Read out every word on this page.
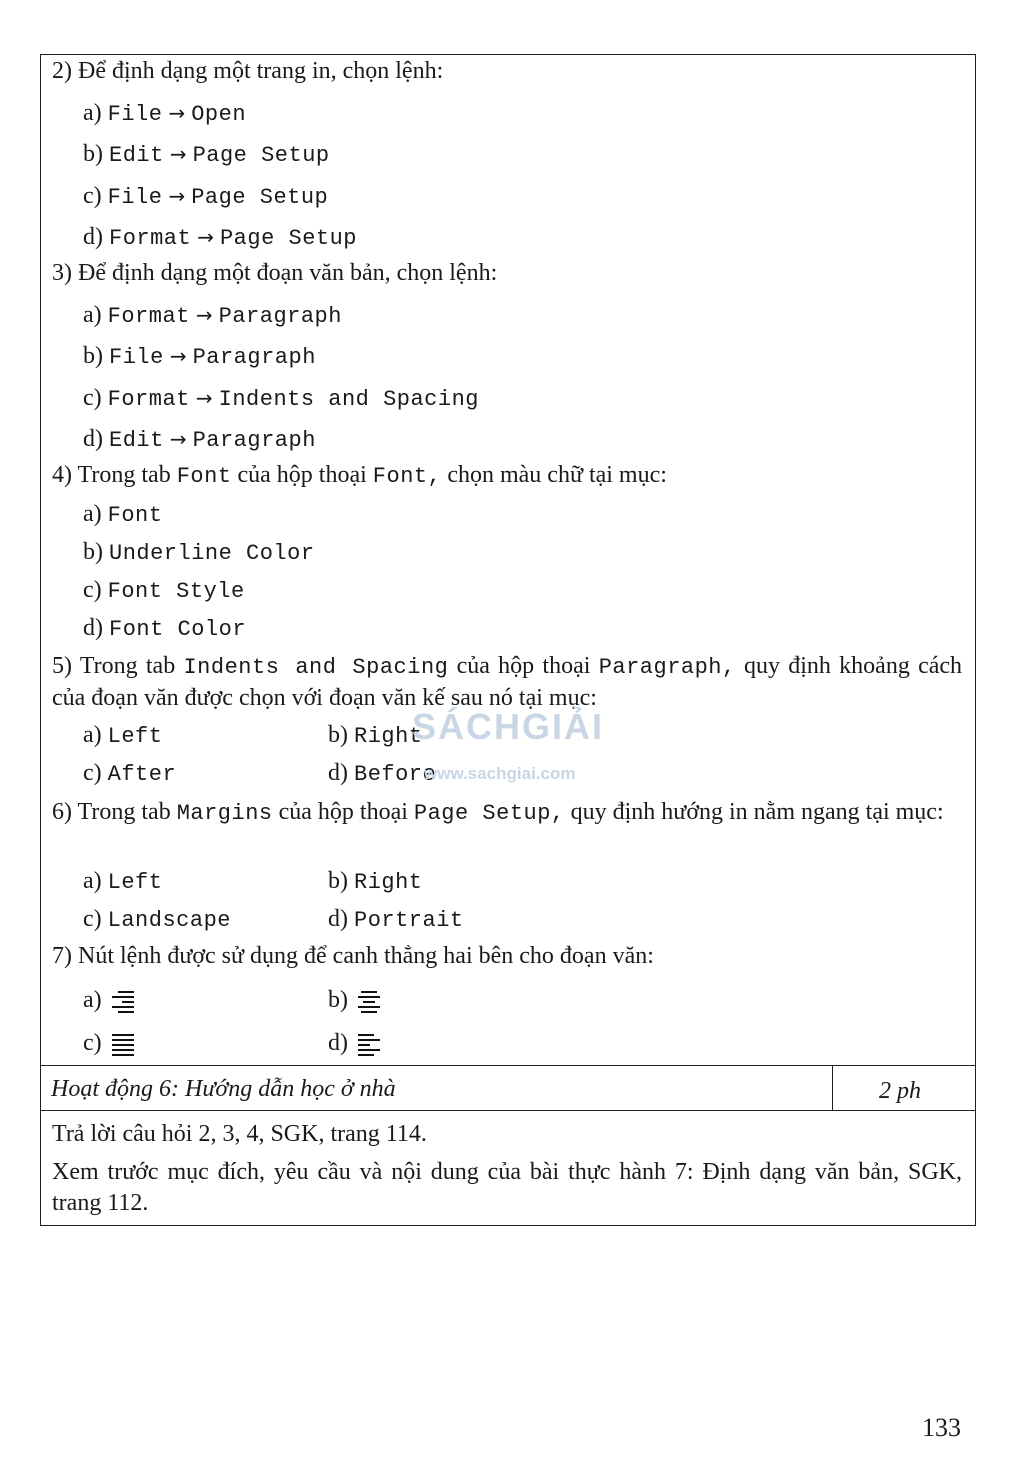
2) Để định dạng một trang in, chọn lệnh:
a) File → Open
b) Edit → Page Setup
c) File → Page Setup
d) Format → Page Setup
3) Để định dạng một đoạn văn bản, chọn lệnh:
a) Format → Paragraph
b) File → Paragraph
c) Format → Indents and Spacing
d) Edit → Paragraph
4) Trong tab Font của hộp thoại Font, chọn màu chữ tại mục:
a) Font
b) Underline Color
c) Font Style
d) Font Color
5) Trong tab Indents and Spacing của hộp thoại Paragraph, quy định khoảng cách của đoạn văn được chọn với đoạn văn kế sau nó tại mục:
a) Left	b) Right
c) After	d) Before
6) Trong tab Margins của hộp thoại Page Setup, quy định hướng in nằm ngang tại mục:
a) Left	b) Right
c) Landscape	d) Portrait
7) Nút lệnh được sử dụng để canh thẳng hai bên cho đoạn văn:
a)	b)
c)	d)
Hoạt động 6: Hướng dẫn học ở nhà	2 ph
Trả lời câu hỏi 2, 3, 4, SGK, trang 114.
Xem trước mục đích, yêu cầu và nội dung của bài thực hành 7: Định dạng văn bản, SGK, trang 112.
SÁCHGIẢI
www.sachgiai.com
133
